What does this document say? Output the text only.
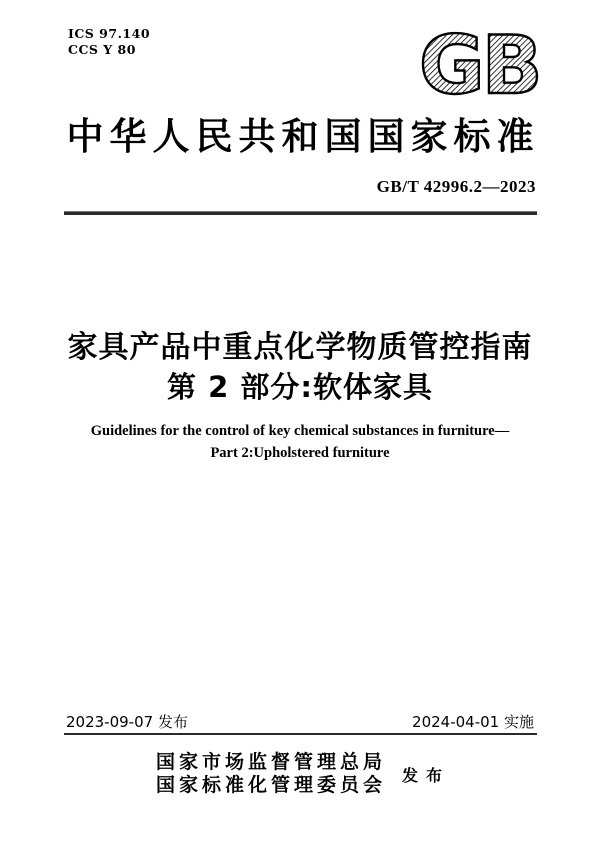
ICS 97.140
CCS Y 80	GB
中华人民共和国国家标准
GB/T 42996.2—2023
家具产品中重点化学物质管控指南
第 2 部分:软体家具
Guidelines for the control of key chemical substances in furniture—
Part 2:Upholstered furniture
2023-09-07 发布	2024-04-01 实施
国家市场监督管理总局
国家标准化管理委员会 发 布
